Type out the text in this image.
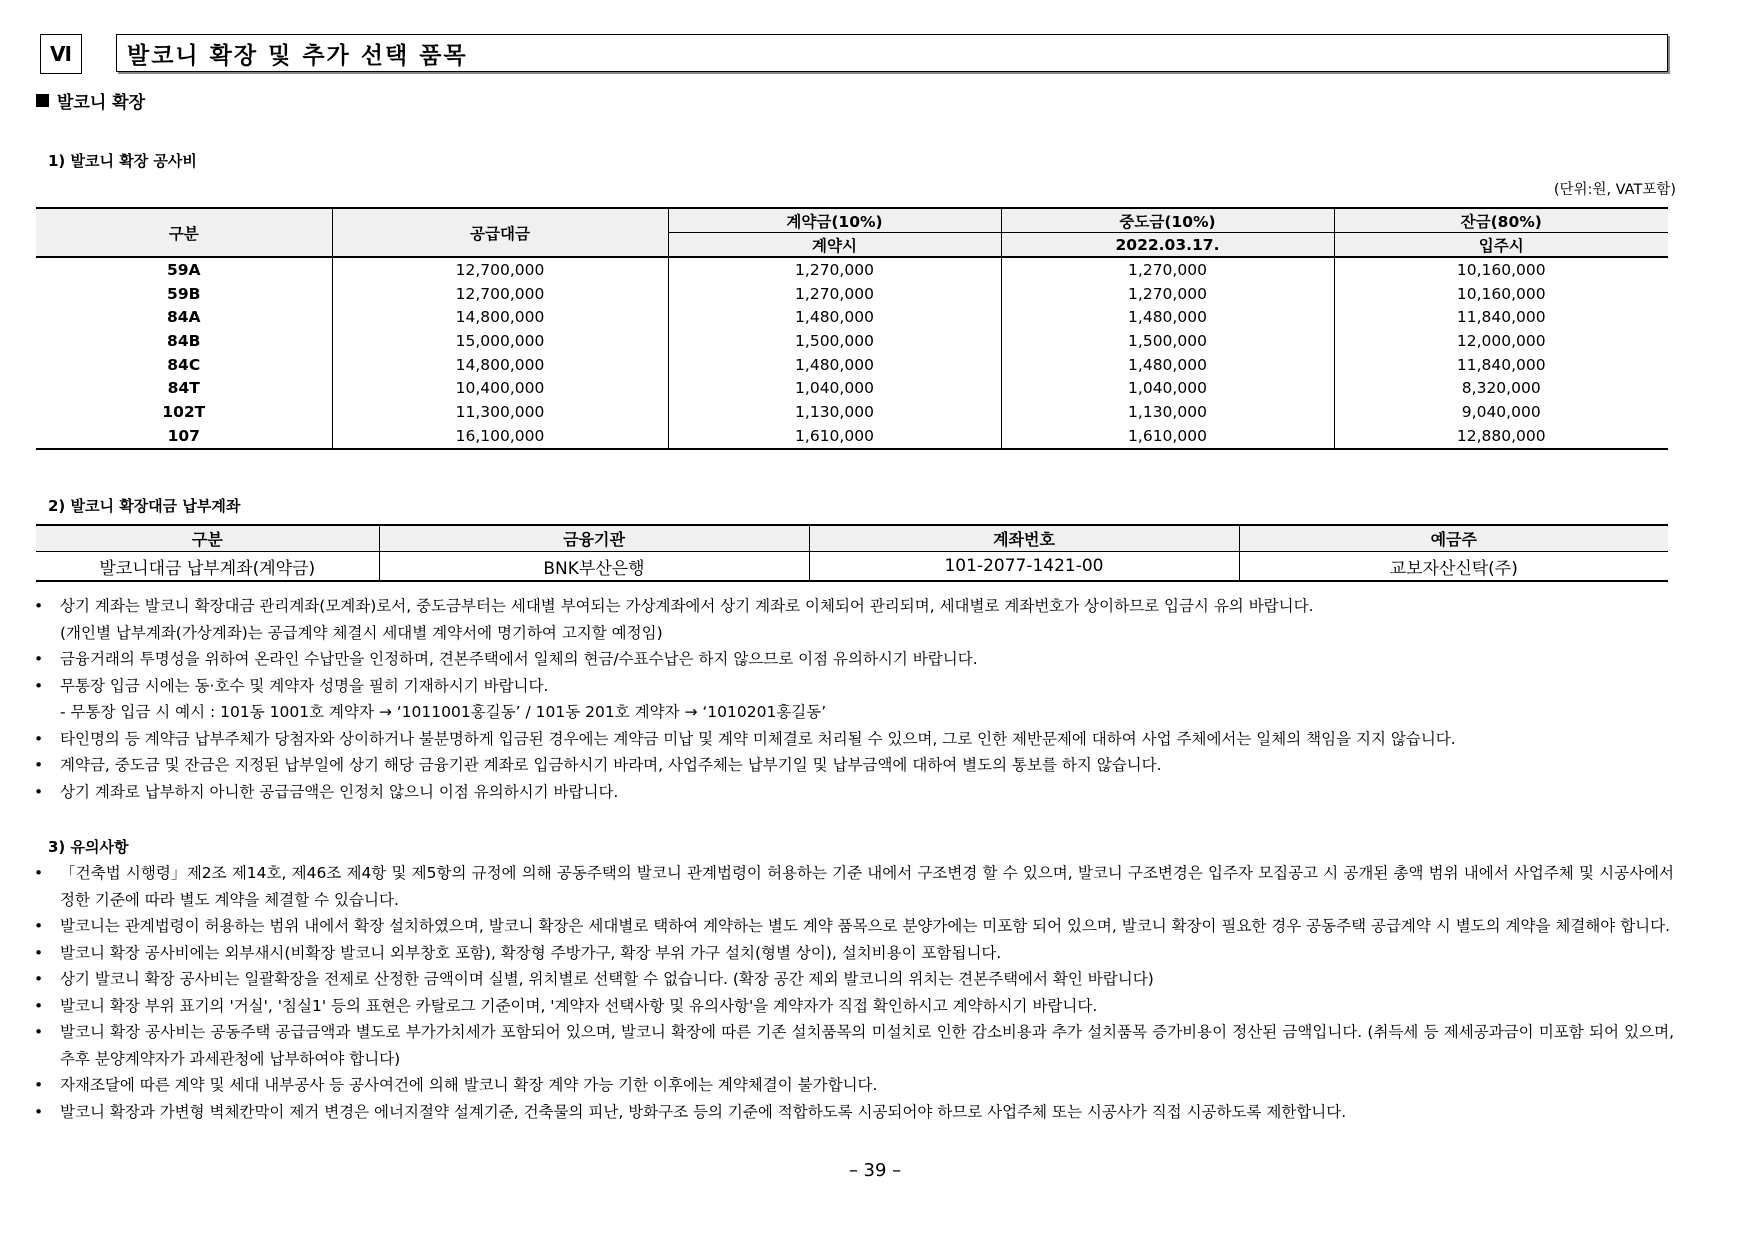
Ⅵ	발코니 확장 및 추가 선택 품목
발코니 확장
1) 발코니 확장 공사비
(단위:원, VAT포함)
구분	공급대금	계약금(10%)	중도금(10%)	잔금(80%)
		계약시	2022.03.17.	입주시
59A	12,700,000	1,270,000	1,270,000	10,160,000
59B	12,700,000	1,270,000	1,270,000	10,160,000
84A	14,800,000	1,480,000	1,480,000	11,840,000
84B	15,000,000	1,500,000	1,500,000	12,000,000
84C	14,800,000	1,480,000	1,480,000	11,840,000
84T	10,400,000	1,040,000	1,040,000	8,320,000
102T	11,300,000	1,130,000	1,130,000	9,040,000
107	16,100,000	1,610,000	1,610,000	12,880,000
2) 발코니 확장대금 납부계좌
구분	금융기관	계좌번호	예금주
발코니대금 납부계좌(계약금)	BNK부산은행	101-2077-1421-00	교보자산신탁(주)
• 상기 계좌는 발코니 확장대금 관리계좌(모계좌)로서, 중도금부터는 세대별 부여되는 가상계좌에서 상기 계좌로 이체되어 관리되며, 세대별로 계좌번호가 상이하므로 입금시 유의 바랍니다.
(개인별 납부계좌(가상계좌)는 공급계약 체결시 세대별 계약서에 명기하여 고지할 예정임)
• 금융거래의 투명성을 위하여 온라인 수납만을 인정하며, 견본주택에서 일체의 현금/수표수납은 하지 않으므로 이점 유의하시기 바랍니다.
• 무통장 입금 시에는 동·호수 및 계약자 성명을 필히 기재하시기 바랍니다.
- 무통장 입금 시 예시 : 101동 1001호 계약자 → ‘1011001홍길동’ / 101동 201호 계약자 → ‘1010201홍길동’
• 타인명의 등 계약금 납부주체가 당첨자와 상이하거나 불분명하게 입금된 경우에는 계약금 미납 및 계약 미체결로 처리될 수 있으며, 그로 인한 제반문제에 대하여 사업 주체에서는 일체의 책임을 지지 않습니다.
• 계약금, 중도금 및 잔금은 지정된 납부일에 상기 해당 금융기관 계좌로 입금하시기 바라며, 사업주체는 납부기일 및 납부금액에 대하여 별도의 통보를 하지 않습니다.
• 상기 계좌로 납부하지 아니한 공급금액은 인정치 않으니 이점 유의하시기 바랍니다.
3) 유의사항
• 「건축법 시행령」제2조 제14호, 제46조 제4항 및 제5항의 규정에 의해 공동주택의 발코니 관계법령이 허용하는 기준 내에서 구조변경 할 수 있으며, 발코니 구조변경은 입주자 모집공고 시 공개된 총액 범위 내에서 사업주체 및 시공사에서 정한 기준에 따라 별도 계약을 체결할 수 있습니다.
• 발코니는 관계법령이 허용하는 범위 내에서 확장 설치하였으며, 발코니 확장은 세대별로 택하여 계약하는 별도 계약 품목으로 분양가에는 미포함 되어 있으며, 발코니 확장이 필요한 경우 공동주택 공급계약 시 별도의 계약을 체결해야 합니다.
• 발코니 확장 공사비에는 외부새시(비확장 발코니 외부창호 포함), 확장형 주방가구, 확장 부위 가구 설치(형별 상이), 설치비용이 포함됩니다.
• 상기 발코니 확장 공사비는 일괄확장을 전제로 산정한 금액이며 실별, 위치별로 선택할 수 없습니다. (확장 공간 제외 발코니의 위치는 견본주택에서 확인 바랍니다)
• 발코니 확장 부위 표기의 '거실', '침실1' 등의 표현은 카탈로그 기준이며, '계약자 선택사항 및 유의사항'을 계약자가 직접 확인하시고 계약하시기 바랍니다.
• 발코니 확장 공사비는 공동주택 공급금액과 별도로 부가가치세가 포함되어 있으며, 발코니 확장에 따른 기존 설치품목의 미설치로 인한 감소비용과 추가 설치품목 증가비용이 정산된 금액입니다. (취득세 등 제세공과금이 미포함 되어 있으며, 추후 분양계약자가 과세관청에 납부하여야 합니다)
• 자재조달에 따른 계약 및 세대 내부공사 등 공사여건에 의해 발코니 확장 계약 가능 기한 이후에는 계약체결이 불가합니다.
• 발코니 확장과 가변형 벽체칸막이 제거 변경은 에너지절약 설계기준, 건축물의 피난, 방화구조 등의 기준에 적합하도록 시공되어야 하므로 사업주체 또는 시공사가 직접 시공하도록 제한합니다.
– 39 –
